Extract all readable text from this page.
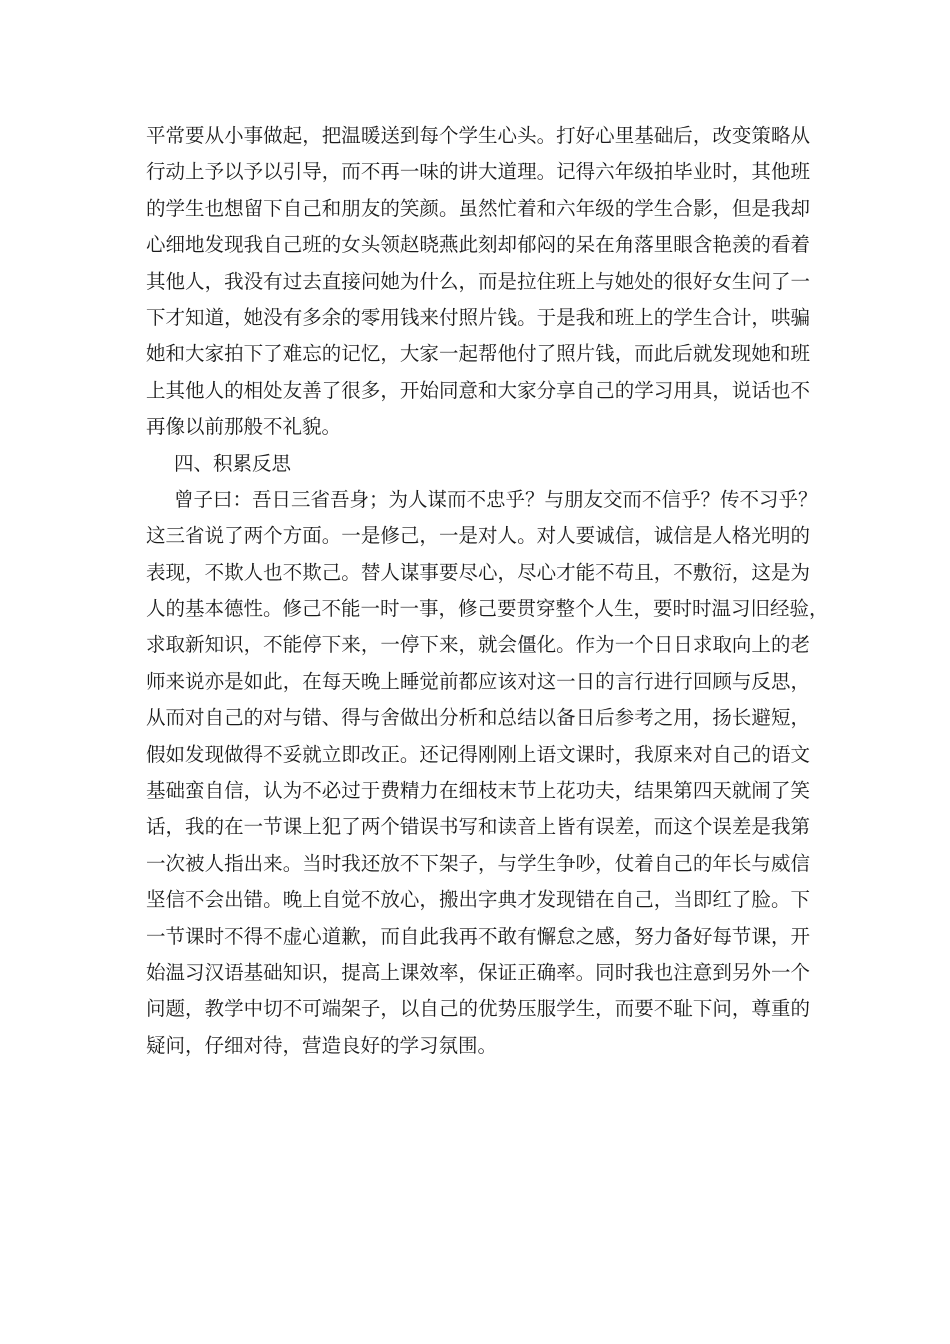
平常要从小事做起，把温暖送到每个学生心头。打好心里基础后，改变策略从
行动上予以予以引导，而不再一味的讲大道理。记得六年级拍毕业时，其他班
的学生也想留下自己和朋友的笑颜。虽然忙着和六年级的学生合影，但是我却
心细地发现我自己班的女头领赵晓燕此刻却郁闷的呆在角落里眼含艳羡的看着
其他人，我没有过去直接问她为什么，而是拉住班上与她处的很好女生问了一
下才知道，她没有多余的零用钱来付照片钱。于是我和班上的学生合计，哄骗
她和大家拍下了难忘的记忆，大家一起帮他付了照片钱，而此后就发现她和班
上其他人的相处友善了很多，开始同意和大家分享自己的学习用具，说话也不
再像以前那般不礼貌。
四、积累反思
曾子曰：吾日三省吾身；为人谋而不忠乎？与朋友交而不信乎？传不习乎？
这三省说了两个方面。一是修己，一是对人。对人要诚信，诚信是人格光明的
表现，不欺人也不欺己。替人谋事要尽心，尽心才能不苟且，不敷衍，这是为
人的基本德性。修己不能一时一事，修己要贯穿整个人生，要时时温习旧经验，
求取新知识，不能停下来，一停下来，就会僵化。作为一个日日求取向上的老
师来说亦是如此，在每天晚上睡觉前都应该对这一日的言行进行回顾与反思，
从而对自己的对与错、得与舍做出分析和总结以备日后参考之用，扬长避短，
假如发现做得不妥就立即改正。还记得刚刚上语文课时，我原来对自己的语文
基础蛮自信，认为不必过于费精力在细枝末节上花功夫，结果第四天就闹了笑
话，我的在一节课上犯了两个错误书写和读音上皆有误差，而这个误差是我第
一次被人指出来。当时我还放不下架子，与学生争吵，仗着自己的年长与威信
坚信不会出错。晚上自觉不放心，搬出字典才发现错在自己，当即红了脸。下
一节课时不得不虚心道歉，而自此我再不敢有懈怠之感，努力备好每节课，开
始温习汉语基础知识，提高上课效率，保证正确率。同时我也注意到另外一个
问题，教学中切不可端架子，以自己的优势压服学生，而要不耻下问，尊重的
疑问，仔细对待，营造良好的学习氛围。
